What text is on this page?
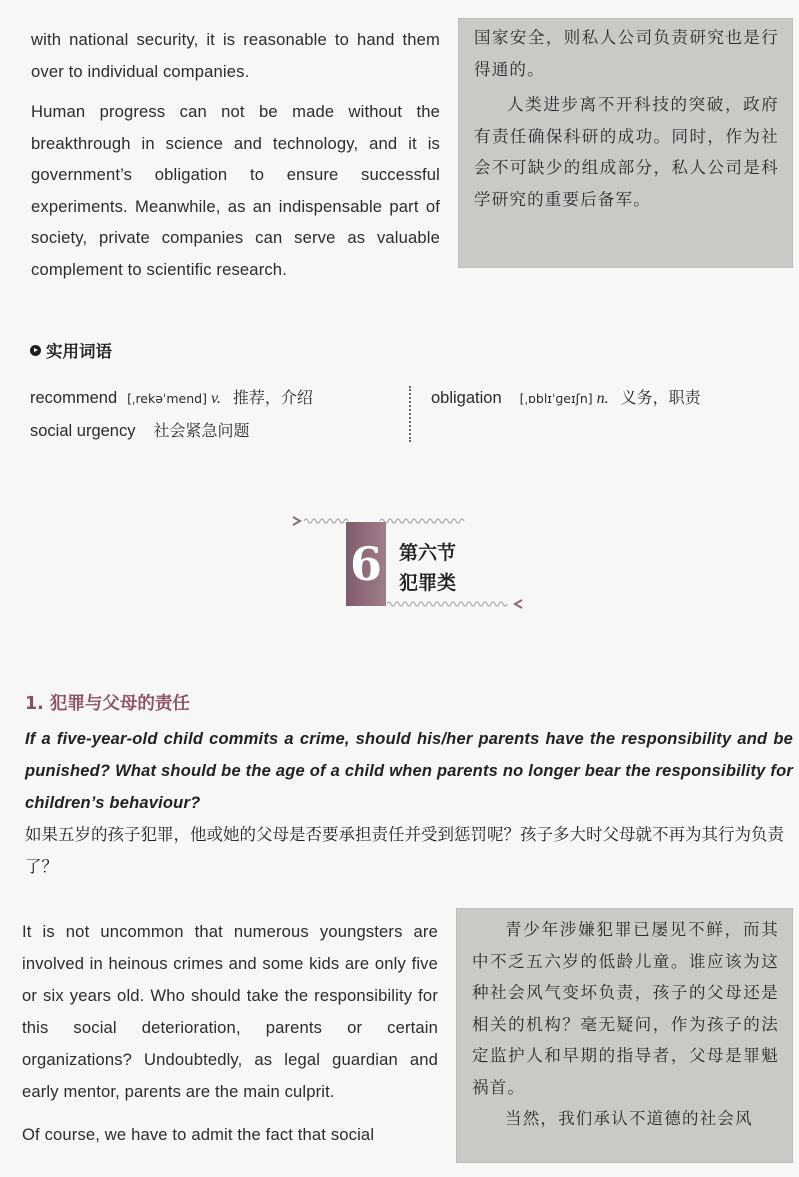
with national security, it is reasonable to hand them over to individual companies.

Human progress can not be made without the breakthrough in science and technology, and it is government’s obligation to ensure successful experiments. Meanwhile, as an indispensable part of society, private companies can serve as valuable complement to scientific research.

国家安全，则私人公司负责研究也是行得通的。

人类进步离不开科技的突破，政府有责任确保科研的成功。同时，作为社会不可缺少的组成部分，私人公司是科学研究的重要后备军。

实用词语
recommend [ˌrekəˈmend] v. 推荐，介绍
social urgency 社会紧急问题
obligation [ˌɒblɪˈɡeɪʃn] n. 义务，职责
6 第六节
犯罪类
1. 犯罪与父母的责任
If a five-year-old child commits a crime, should his/her parents have the responsibility and be punished? What should be the age of a child when parents no longer bear the responsibility for children’s behaviour?
如果五岁的孩子犯罪，他或她的父母是否要承担责任并受到惩罚呢？孩子多大时父母就不再为其行为负责了？

It is not uncommon that numerous youngsters are involved in heinous crimes and some kids are only five or six years old. Who should take the responsibility for this social deterioration, parents or certain organizations? Undoubtedly, as legal guardian and early mentor, parents are the main culprit.

Of course, we have to admit the fact that social

青少年涉嫌犯罪已屡见不鲜，而其中不乏五六岁的低龄儿童。谁应该为这种社会风气变坏负责，孩子的父母还是相关的机构？毫无疑问，作为孩子的法定监护人和早期的指导者，父母是罪魁祸首。

当然，我们承认不道德的社会风
